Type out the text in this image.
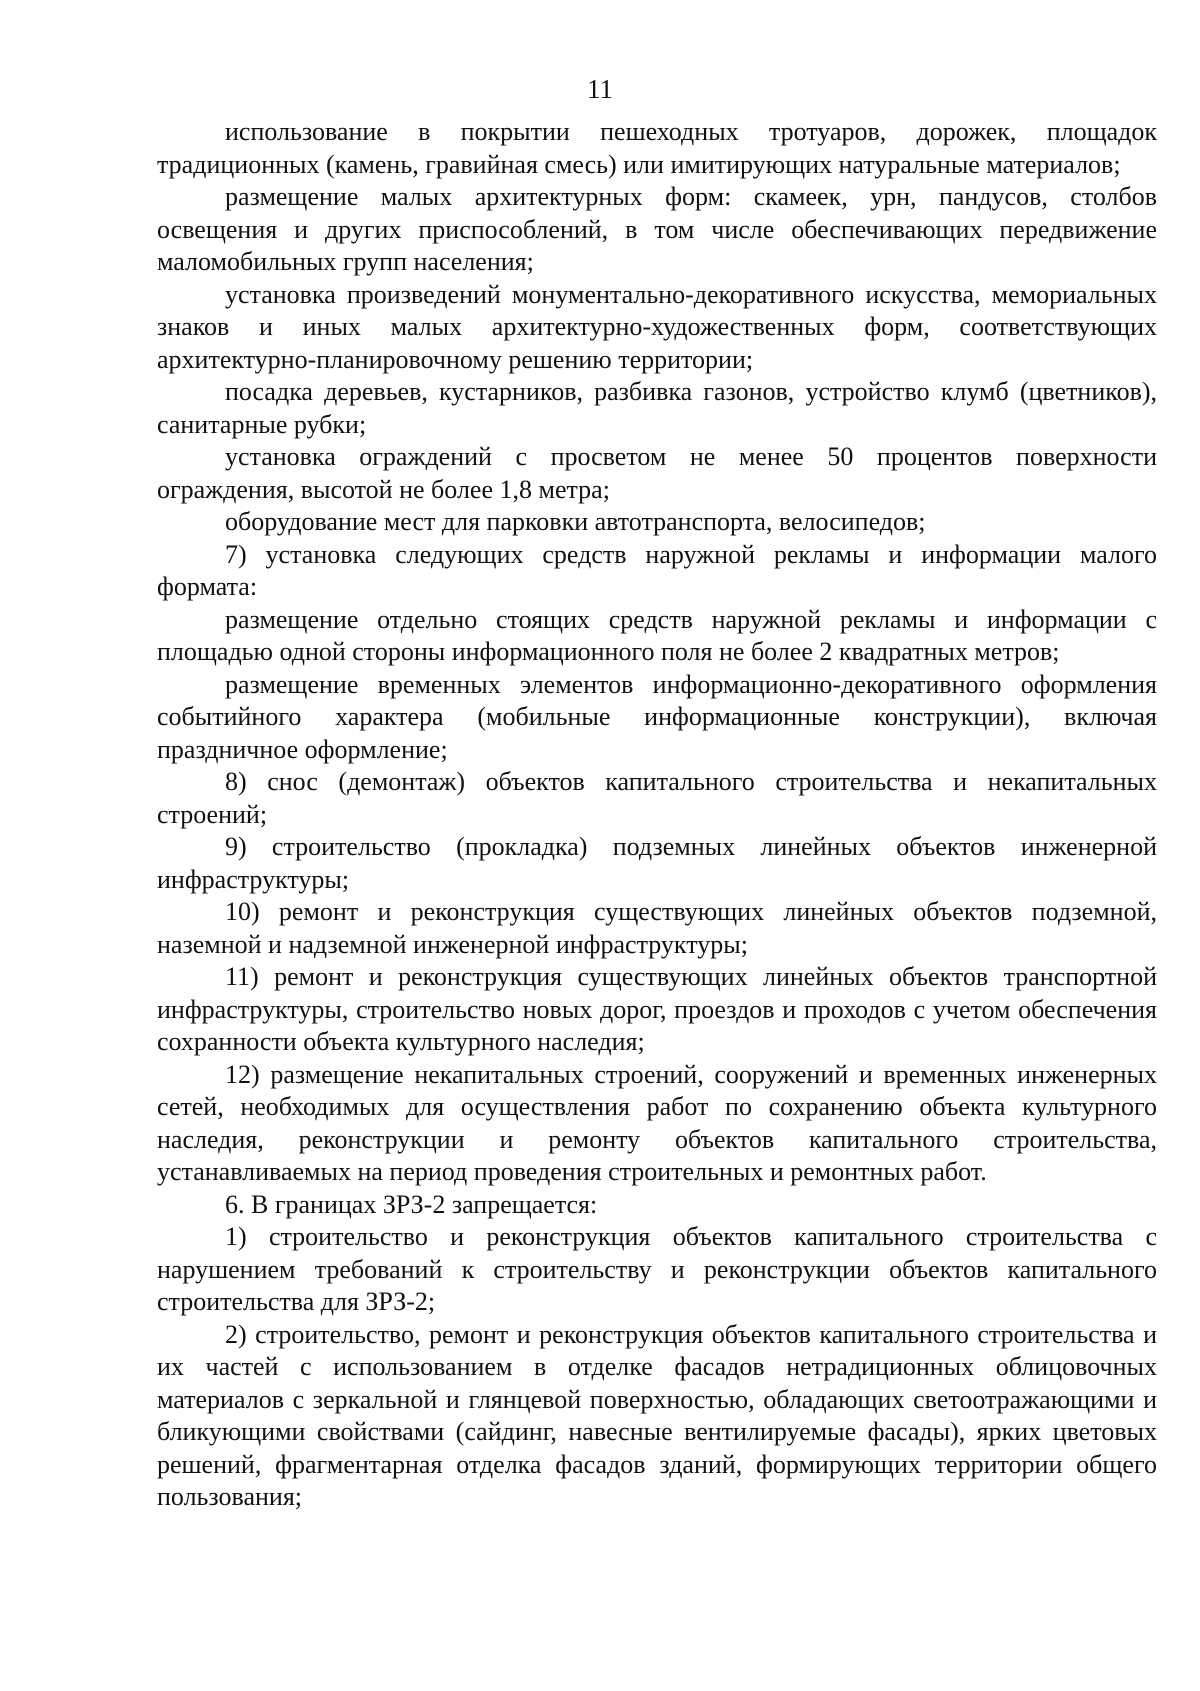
11

использование в покрытии пешеходных тротуаров, дорожек, площадок традиционных (камень, гравийная смесь) или имитирующих натуральные материалов;

размещение малых архитектурных форм: скамеек, урн, пандусов, столбов освещения и других приспособлений, в том числе обеспечивающих передвижение маломобильных групп населения;

установка произведений монументально-декоративного искусства, мемориальных знаков и иных малых архитектурно-художественных форм, соответствующих архитектурно-планировочному решению территории;

посадка деревьев, кустарников, разбивка газонов, устройство клумб (цветников), санитарные рубки;

установка ограждений с просветом не менее 50 процентов поверхности ограждения, высотой не более 1,8 метра;

оборудование мест для парковки автотранспорта, велосипедов;

7) установка следующих средств наружной рекламы и информации малого формата:

размещение отдельно стоящих средств наружной рекламы и информации с площадью одной стороны информационного поля не более 2 квадратных метров;

размещение временных элементов информационно-декоративного оформления событийного характера (мобильные информационные конструкции), включая праздничное оформление;

8) снос (демонтаж) объектов капитального строительства и некапитальных строений;

9) строительство (прокладка) подземных линейных объектов инженерной инфраструктуры;

10) ремонт и реконструкция существующих линейных объектов подземной, наземной и надземной инженерной инфраструктуры;

11) ремонт и реконструкция существующих линейных объектов транспортной инфраструктуры, строительство новых дорог, проездов и проходов с учетом обеспечения сохранности объекта культурного наследия;

12) размещение некапитальных строений, сооружений и временных инженерных сетей, необходимых для осуществления работ по сохранению объекта культурного наследия, реконструкции и ремонту объектов капитального строительства, устанавливаемых на период проведения строительных и ремонтных работ.

6. В границах ЗРЗ-2 запрещается:

1) строительство и реконструкция объектов капитального строительства с нарушением требований к строительству и реконструкции объектов капитального строительства для ЗРЗ-2;

2) строительство, ремонт и реконструкция объектов капитального строительства и их частей с использованием в отделке фасадов нетрадиционных облицовочных материалов с зеркальной и глянцевой поверхностью, обладающих светоотражающими и бликующими свойствами (сайдинг, навесные вентилируемые фасады), ярких цветовых решений, фрагментарная отделка фасадов зданий, формирующих территории общего пользования;
